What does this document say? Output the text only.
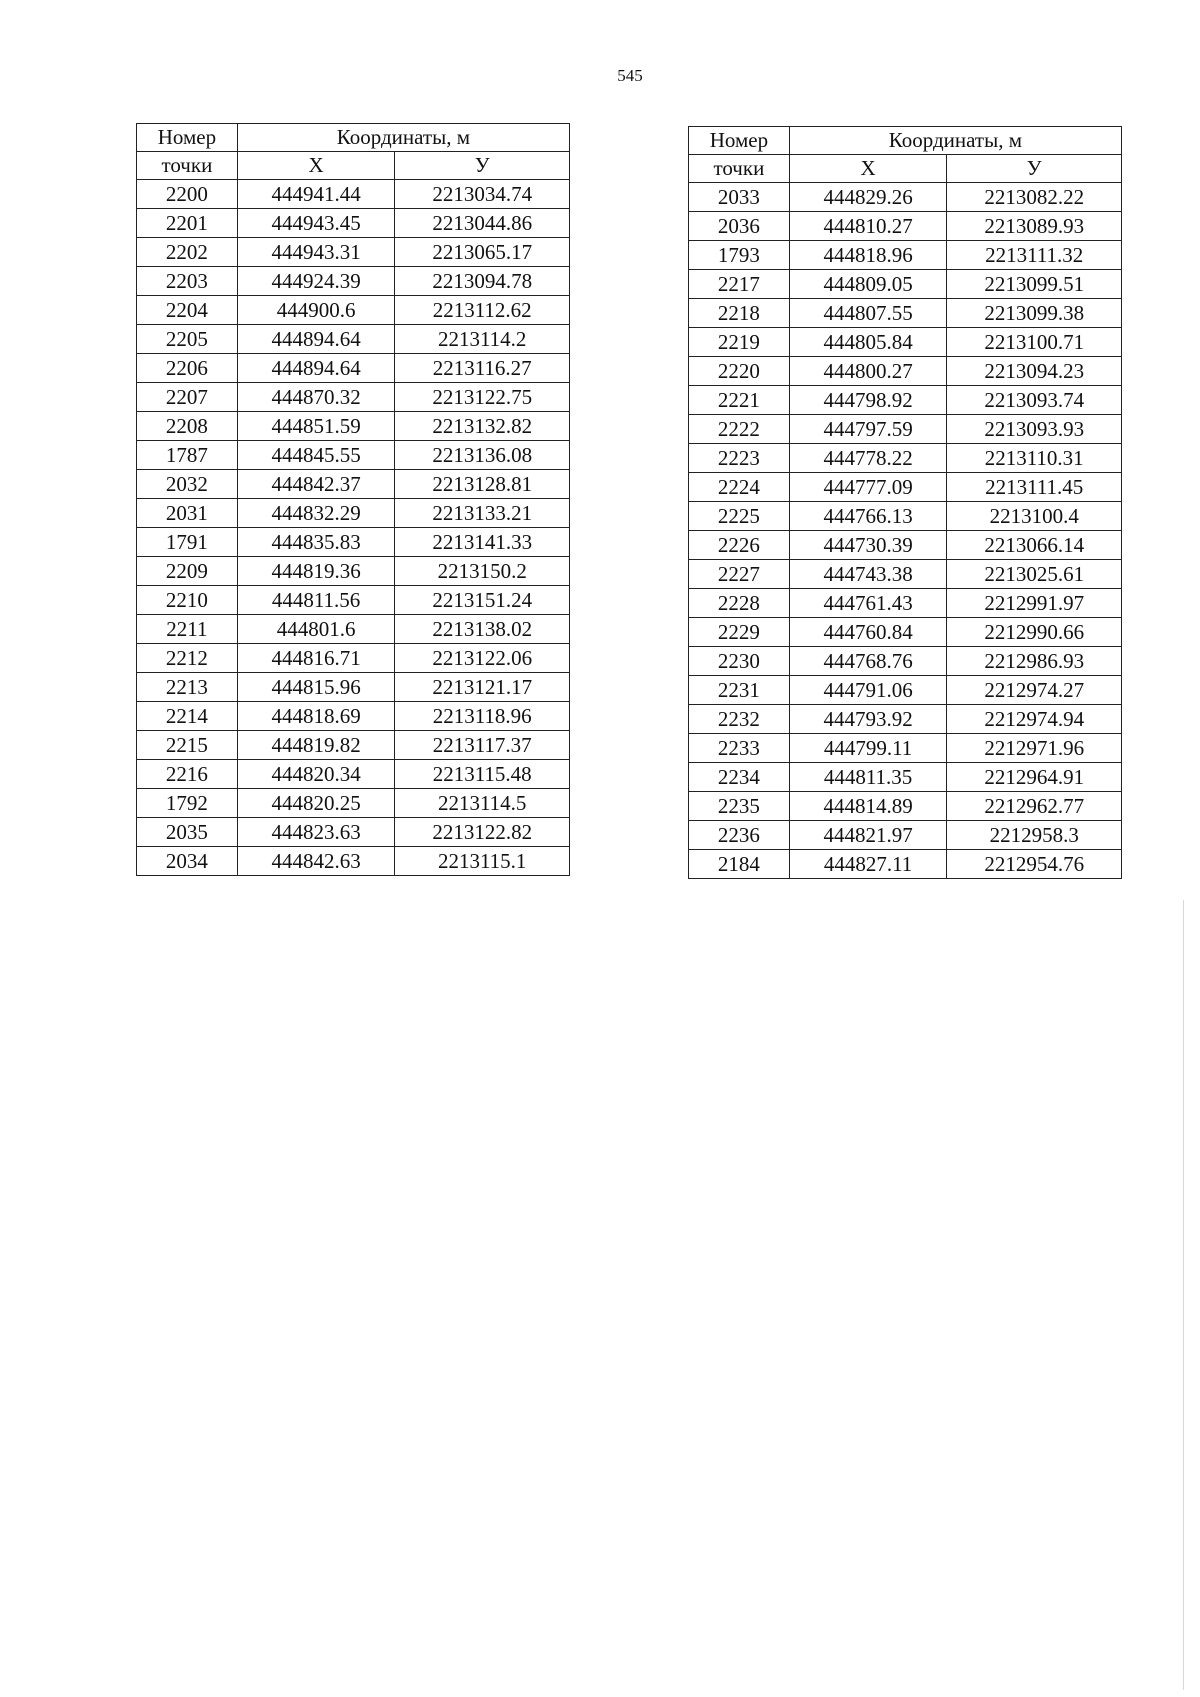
545
Номер	Координаты, м	
точки	X	У
2200	444941.44	2213034.74
2201	444943.45	2213044.86
2202	444943.31	2213065.17
2203	444924.39	2213094.78
2204	444900.6	2213112.62
2205	444894.64	2213114.2
2206	444894.64	2213116.27
2207	444870.32	2213122.75
2208	444851.59	2213132.82
1787	444845.55	2213136.08
2032	444842.37	2213128.81
2031	444832.29	2213133.21
1791	444835.83	2213141.33
2209	444819.36	2213150.2
2210	444811.56	2213151.24
2211	444801.6	2213138.02
2212	444816.71	2213122.06
2213	444815.96	2213121.17
2214	444818.69	2213118.96
2215	444819.82	2213117.37
2216	444820.34	2213115.48
1792	444820.25	2213114.5
2035	444823.63	2213122.82
2034	444842.63	2213115.1
Номер	Координаты, м	
точки	X	У
2033	444829.26	2213082.22
2036	444810.27	2213089.93
1793	444818.96	2213111.32
2217	444809.05	2213099.51
2218	444807.55	2213099.38
2219	444805.84	2213100.71
2220	444800.27	2213094.23
2221	444798.92	2213093.74
2222	444797.59	2213093.93
2223	444778.22	2213110.31
2224	444777.09	2213111.45
2225	444766.13	2213100.4
2226	444730.39	2213066.14
2227	444743.38	2213025.61
2228	444761.43	2212991.97
2229	444760.84	2212990.66
2230	444768.76	2212986.93
2231	444791.06	2212974.27
2232	444793.92	2212974.94
2233	444799.11	2212971.96
2234	444811.35	2212964.91
2235	444814.89	2212962.77
2236	444821.97	2212958.3
2184	444827.11	2212954.76
